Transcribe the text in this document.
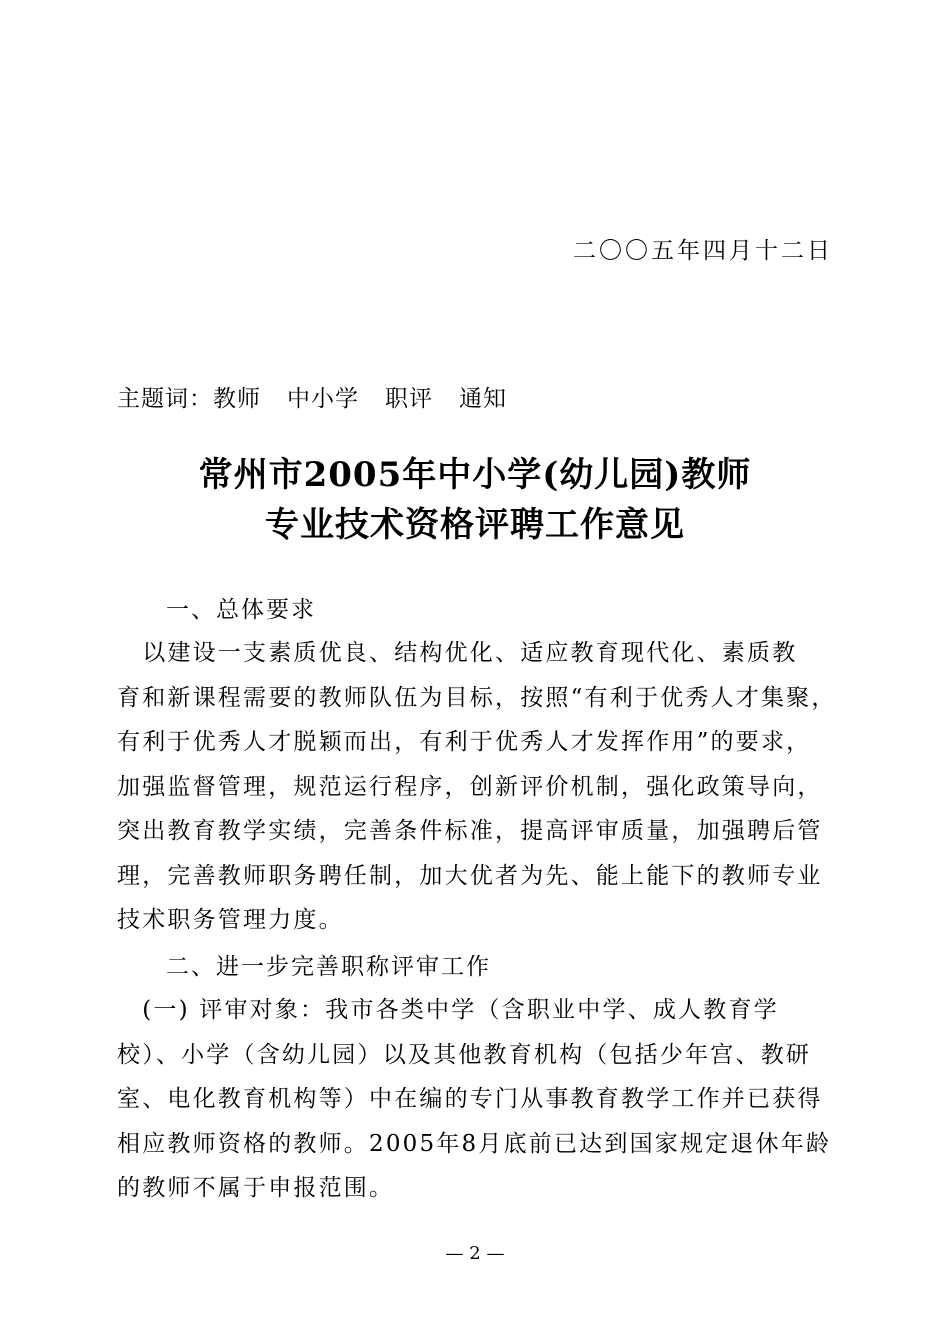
二〇〇五年四月十二日
主题词：教师 中小学 职评 通知
常州市2005年中小学(幼儿园)教师
专业技术资格评聘工作意见
一、总体要求
　以建设一支素质优良、结构优化、适应教育现代化、素质教
育和新课程需要的教师队伍为目标，按照“有利于优秀人才集聚，
有利于优秀人才脱颖而出，有利于优秀人才发挥作用”的要求，
加强监督管理，规范运行程序，创新评价机制，强化政策导向，
突出教育教学实绩，完善条件标准，提高评审质量，加强聘后管
理，完善教师职务聘任制，加大优者为先、能上能下的教师专业
技术职务管理力度。
二、进一步完善职称评审工作
　(一) 评审对象：我市各类中学（含职业中学、成人教育学
校）、小学（含幼儿园）以及其他教育机构（包括少年宫、教研
室、电化教育机构等）中在编的专门从事教育教学工作并已获得
相应教师资格的教师。2005年8月底前已达到国家规定退休年龄
的教师不属于申报范围。
— 2 —
